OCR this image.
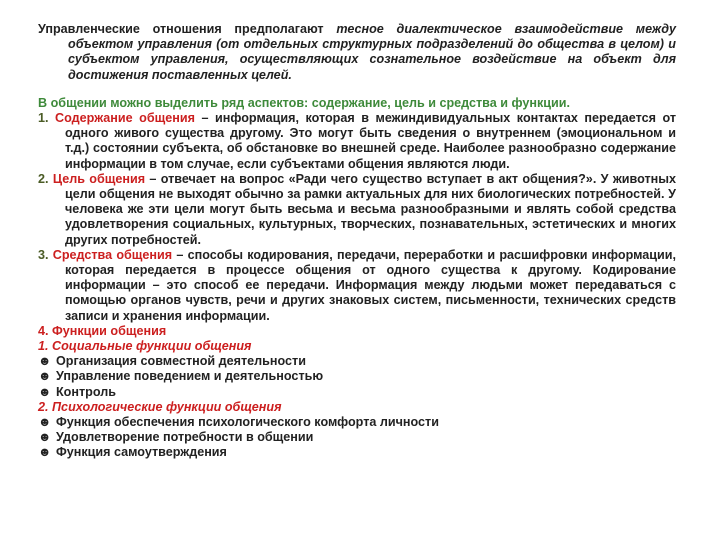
Управленческие отношения предполагают тесное диалектическое взаимодействие между объектом управления (от отдельных структурных подразделений до общества в целом) и субъектом управления, осуществляющих сознательное воздействие на объект для достижения поставленных целей.

В общении можно выделить ряд аспектов: содержание, цель и средства и функции.

1. Содержание общения – информация, которая в межиндивидуальных контактах передается от одного живого существа другому. Это могут быть сведения о внутреннем (эмоциональном и т.д.) состоянии субъекта, об обстановке во внешней среде. Наиболее разнообразно содержание информации в том случае, если субъектами общения являются люди.

2. Цель общения – отвечает на вопрос «Ради чего существо вступает в акт общения?». У животных цели общения не выходят обычно за рамки актуальных для них биологических потребностей. У человека же эти цели могут быть весьма и весьма разнообразными и являть собой средства удовлетворения социальных, культурных, творческих, познавательных, эстетических и многих других потребностей.

3. Средства общения – способы кодирования, передачи, переработки и расшифровки информации, которая передается в процессе общения от одного существа к другому. Кодирование информации – это способ ее передачи. Информация между людьми может передаваться с помощью органов чувств, речи и других знаковых систем, письменности, технических средств записи и хранения информации.

4. Функции общения

1. Социальные функции общения

☻ Организация совместной деятельности

☻ Управление поведением и деятельностью

☻ Контроль

2. Психологические функции общения

☻ Функция обеспечения психологического комфорта личности

☻ Удовлетворение потребности в общении

☻ Функция самоутверждения
